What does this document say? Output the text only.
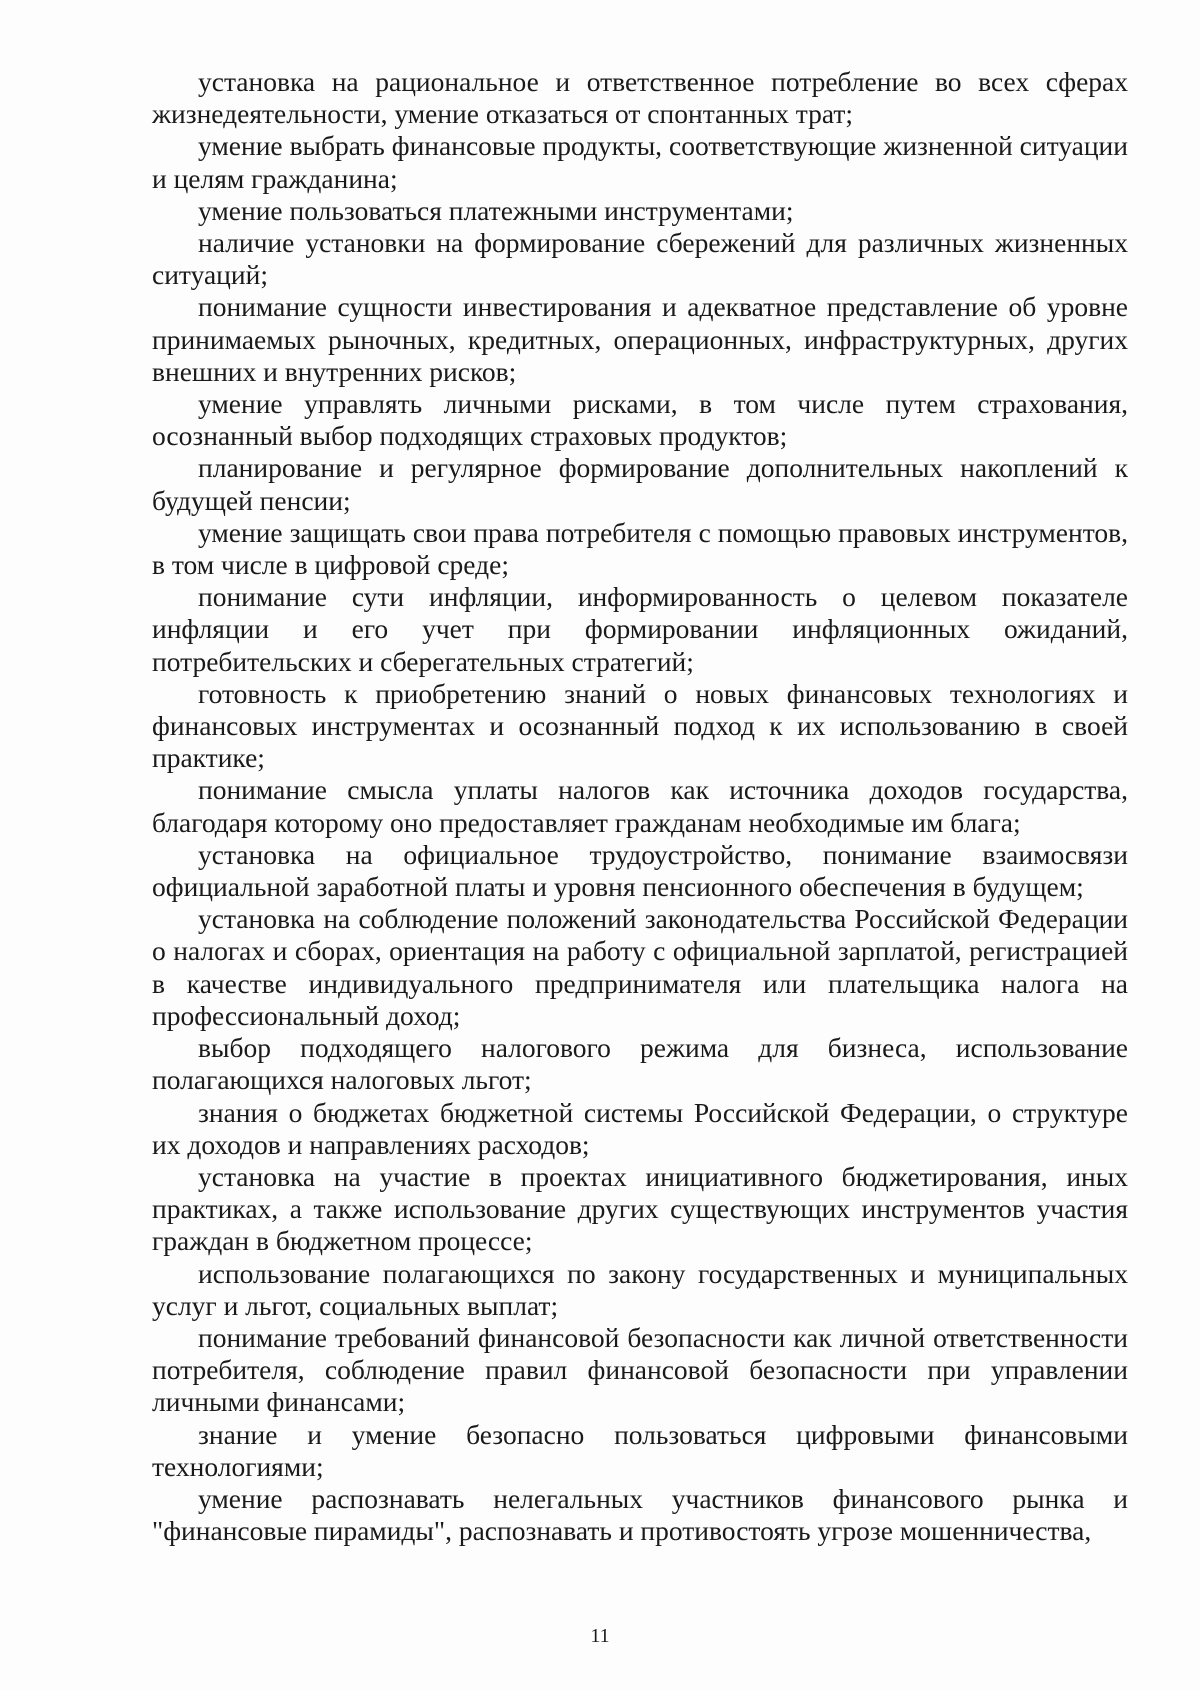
установка на рациональное и ответственное потребление во всех сферах жизнедеятельности, умение отказаться от спонтанных трат;

умение выбрать финансовые продукты, соответствующие жизненной ситуации и целям гражданина;

умение пользоваться платежными инструментами;

наличие установки на формирование сбережений для различных жизненных ситуаций;

понимание сущности инвестирования и адекватное представление об уровне принимаемых рыночных, кредитных, операционных, инфраструктурных, других внешних и внутренних рисков;

умение управлять личными рисками, в том числе путем страхования, осознанный выбор подходящих страховых продуктов;

планирование и регулярное формирование дополнительных накоплений к будущей пенсии;

умение защищать свои права потребителя с помощью правовых инструментов, в том числе в цифровой среде;

понимание сути инфляции, информированность о целевом показателе инфляции и его учет при формировании инфляционных ожиданий, потребительских и сберегательных стратегий;

готовность к приобретению знаний о новых финансовых технологиях и финансовых инструментах и осознанный подход к их использованию в своей практике;

понимание смысла уплаты налогов как источника доходов государства, благодаря которому оно предоставляет гражданам необходимые им блага;

установка на официальное трудоустройство, понимание взаимосвязи официальной заработной платы и уровня пенсионного обеспечения в будущем;

установка на соблюдение положений законодательства Российской Федерации о налогах и сборах, ориентация на работу с официальной зарплатой, регистрацией в качестве индивидуального предпринимателя или плательщика налога на профессиональный доход;

выбор подходящего налогового режима для бизнеса, использование полагающихся налоговых льгот;

знания о бюджетах бюджетной системы Российской Федерации, о структуре их доходов и направлениях расходов;

установка на участие в проектах инициативного бюджетирования, иных практиках, а также использование других существующих инструментов участия граждан в бюджетном процессе;

использование полагающихся по закону государственных и муниципальных услуг и льгот, социальных выплат;

понимание требований финансовой безопасности как личной ответственности потребителя, соблюдение правил финансовой безопасности при управлении личными финансами;

знание и умение безопасно пользоваться цифровыми финансовыми технологиями;

умение распознавать нелегальных участников финансового рынка и "финансовые пирамиды", распознавать и противостоять угрозе мошенничества,

11
